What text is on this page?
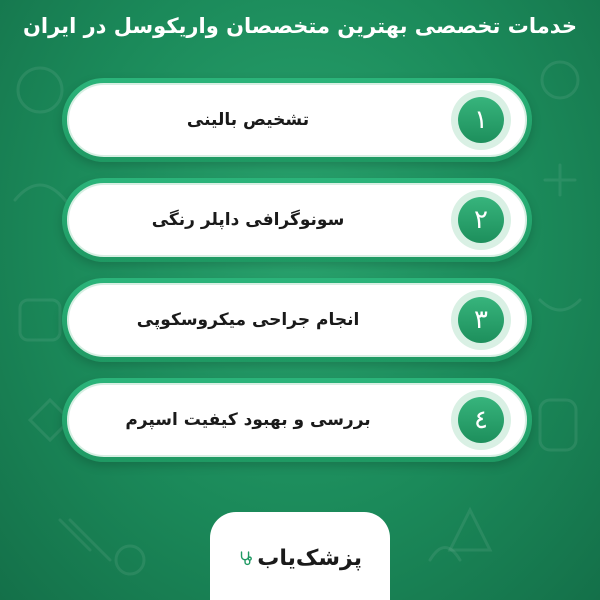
خدمات تخصصی بهترین متخصصان واریکوسل در ایران
تشخیص بالینی	١
سونوگرافی داپلر رنگی	٢
انجام جراحی میکروسکوپی	٣
بررسی و بهبود کیفیت اسپرم	٤
پزشک‌یاب
